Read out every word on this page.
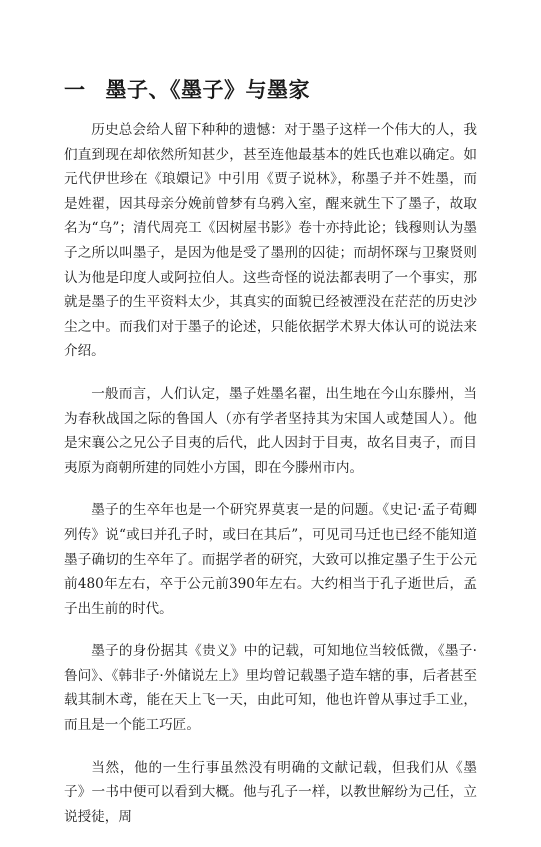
一 墨子、《墨子》与墨家

历史总会给人留下种种的遗憾：对于墨子这样一个伟大的人，我们直到现在却依然所知甚少，甚至连他最基本的姓氏也难以确定。如元代伊世珍在《琅嬛记》中引用《贾子说林》，称墨子并不姓墨，而是姓翟，因其母亲分娩前曾梦有乌鸦入室，醒来就生下了墨子，故取名为“乌”；清代周亮工《因树屋书影》卷十亦持此论；钱穆则认为墨子之所以叫墨子，是因为他是受了墨刑的囚徒；而胡怀琛与卫聚贤则认为他是印度人或阿拉伯人。这些奇怪的说法都表明了一个事实，那就是墨子的生平资料太少，其真实的面貌已经被湮没在茫茫的历史沙尘之中。而我们对于墨子的论述，只能依据学术界大体认可的说法来介绍。

一般而言，人们认定，墨子姓墨名翟，出生地在今山东滕州，当为春秋战国之际的鲁国人（亦有学者坚持其为宋国人或楚国人）。他是宋襄公之兄公子目夷的后代，此人因封于目夷，故名目夷子，而目夷原为商朝所建的同姓小方国，即在今滕州市内。

墨子的生卒年也是一个研究界莫衷一是的问题。《史记·孟子荀卿列传》说“或曰并孔子时，或曰在其后”，可见司马迁也已经不能知道墨子确切的生卒年了。而据学者的研究，大致可以推定墨子生于公元前480年左右，卒于公元前390年左右。大约相当于孔子逝世后，孟子出生前的时代。

墨子的身份据其《贵义》中的记载，可知地位当较低微，《墨子·鲁问》、《韩非子·外储说左上》里均曾记载墨子造车辖的事，后者甚至载其制木鸢，能在天上飞一天，由此可知，他也许曾从事过手工业，而且是一个能工巧匠。

当然，他的一生行事虽然没有明确的文献记载，但我们从《墨子》一书中便可以看到大概。他与孔子一样，以教世解纷为己任，立说授徒，周
